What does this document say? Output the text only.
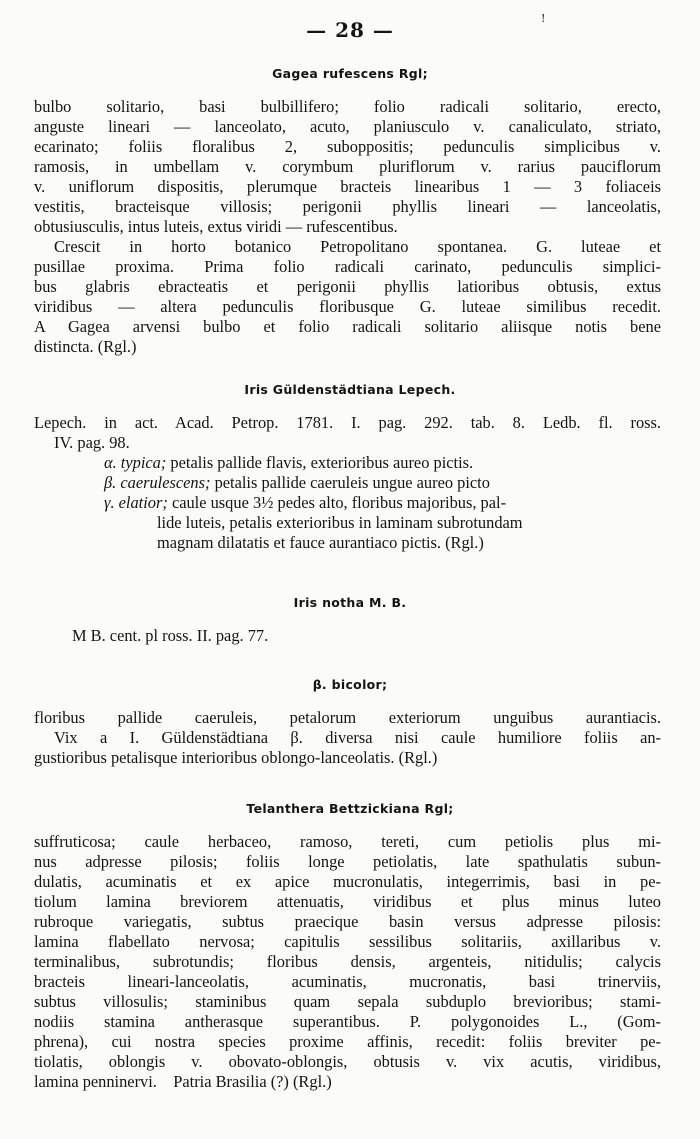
— 28 —	!
Gagea rufescens Rgl;
bulbo solitario, basi bulbillifero; folio radicali solitario, erecto,
anguste lineari — lanceolato, acuto, planiusculo v. canaliculato, striato,
ecarinato; foliis floralibus 2, suboppositis; pedunculis simplicibus v.
ramosis, in umbellam v. corymbum pluriflorum v. rarius pauciflorum
v. uniflorum dispositis, plerumque bracteis linearibus 1 — 3 foliaceis
vestitis, bracteisque villosis; perigonii phyllis lineari — lanceolatis,
obtusiusculis, intus luteis, extus viridi — rufescentibus.
Crescit in horto botanico Petropolitano spontanea. G. luteae et
pusillae proxima. Prima folio radicali carinato, pedunculis simplici-
bus glabris ebracteatis et perigonii phyllis latioribus obtusis, extus
viridibus — altera pedunculis floribusque G. luteae similibus recedit.
A Gagea arvensi bulbo et folio radicali solitario aliisque notis bene
distincta. (Rgl.)
Iris Güldenstädtiana Lepech.
Lepech. in act. Acad. Petrop. 1781. I. pag. 292. tab. 8. Ledb. fl. ross.
IV. pag. 98.
α. typica; petalis pallide flavis, exterioribus aureo pictis.
β. caerulescens; petalis pallide caeruleis ungue aureo picto
γ. elatior; caule usque 3½ pedes alto, floribus majoribus, pal-
lide luteis, petalis exterioribus in laminam subrotundam
magnam dilatatis et fauce aurantiaco pictis. (Rgl.)
Iris notha M. B.
M B. cent. pl ross. II. pag. 77.
β. bicolor;
floribus pallide caeruleis, petalorum exteriorum unguibus aurantiacis.
Vix a I. Güldenstädtiana β. diversa nisi caule humiliore foliis an-
gustioribus petalisque interioribus oblongo-lanceolatis. (Rgl.)
Telanthera Bettzickiana Rgl;
suffruticosa; caule herbaceo, ramoso, tereti, cum petiolis plus mi-
nus adpresse pilosis; foliis longe petiolatis, late spathulatis subun-
dulatis, acuminatis et ex apice mucronulatis, integerrimis, basi in pe-
tiolum lamina breviorem attenuatis, viridibus et plus minus luteo
rubroque variegatis, subtus praecique basin versus adpresse pilosis:
lamina flabellato nervosa; capitulis sessilibus solitariis, axillaribus v.
terminalibus, subrotundis; floribus densis, argenteis, nitidulis; calycis
bracteis lineari-lanceolatis, acuminatis, mucronatis, basi trinerviis,
subtus villosulis; staminibus quam sepala subduplo brevioribus; stami-
nodiis stamina antherasque superantibus. P. polygonoides L., (Gom-
phrena), cui nostra species proxime affinis, recedit: foliis breviter pe-
tiolatis, oblongis v. obovato-oblongis, obtusis v. vix acutis, viridibus,
lamina penninervi.    Patria Brasilia (?) (Rgl.)
